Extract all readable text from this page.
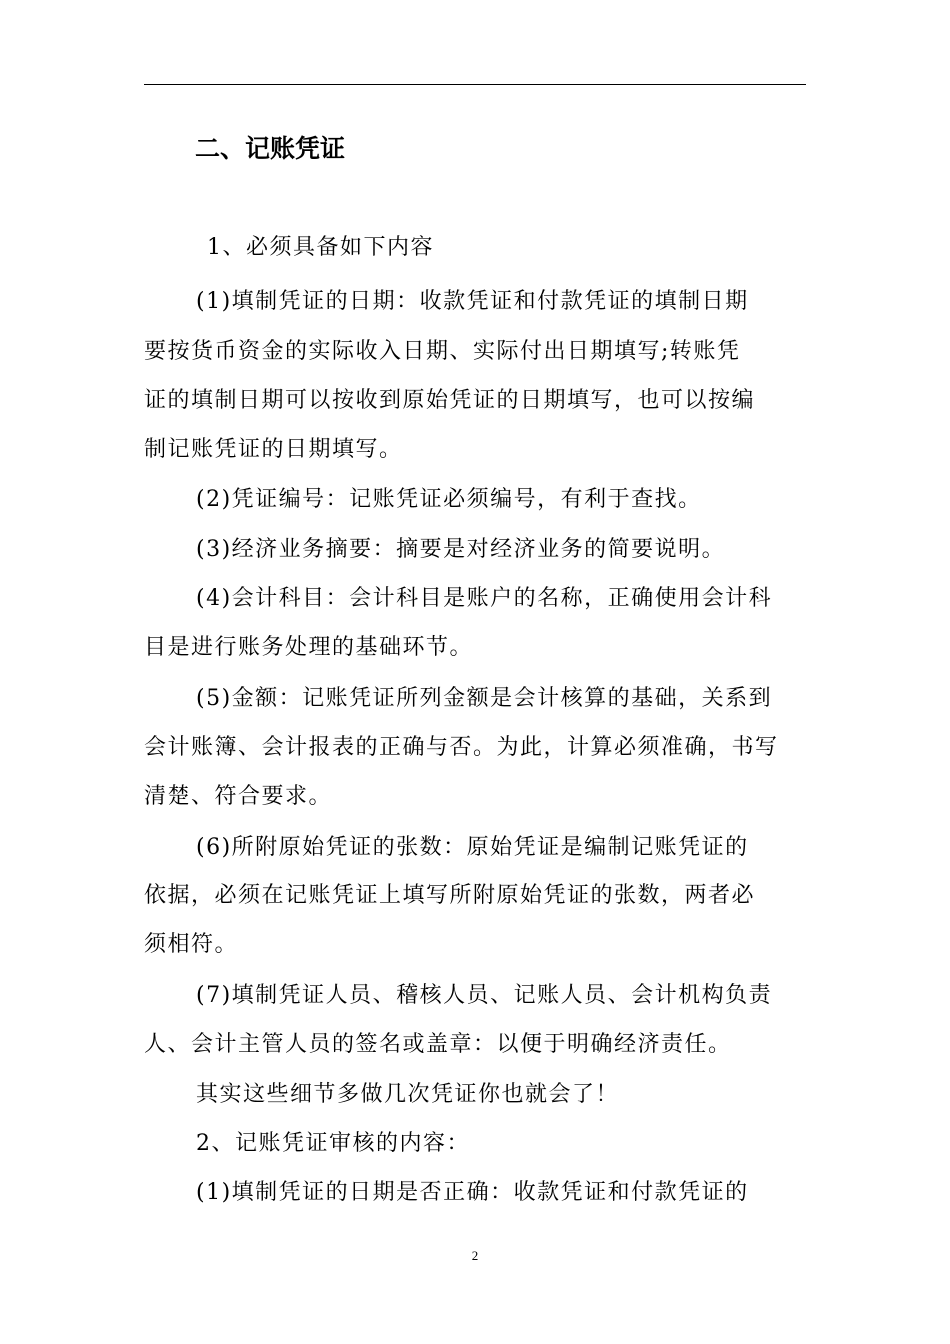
二、记账凭证
1、必须具备如下内容
(1)填制凭证的日期：收款凭证和付款凭证的填制日期
要按货币资金的实际收入日期、实际付出日期填写;转账凭
证的填制日期可以按收到原始凭证的日期填写，也可以按编
制记账凭证的日期填写。
(2)凭证编号：记账凭证必须编号，有利于查找。
(3)经济业务摘要：摘要是对经济业务的简要说明。
(4)会计科目：会计科目是账户的名称，正确使用会计科
目是进行账务处理的基础环节。
(5)金额：记账凭证所列金额是会计核算的基础，关系到
会计账簿、会计报表的正确与否。为此，计算必须准确，书写
清楚、符合要求。
(6)所附原始凭证的张数：原始凭证是编制记账凭证的
依据，必须在记账凭证上填写所附原始凭证的张数，两者必
须相符。
(7)填制凭证人员、稽核人员、记账人员、会计机构负责
人、会计主管人员的签名或盖章：以便于明确经济责任。
其实这些细节多做几次凭证你也就会了！
2、记账凭证审核的内容：
(1)填制凭证的日期是否正确：收款凭证和付款凭证的
2
